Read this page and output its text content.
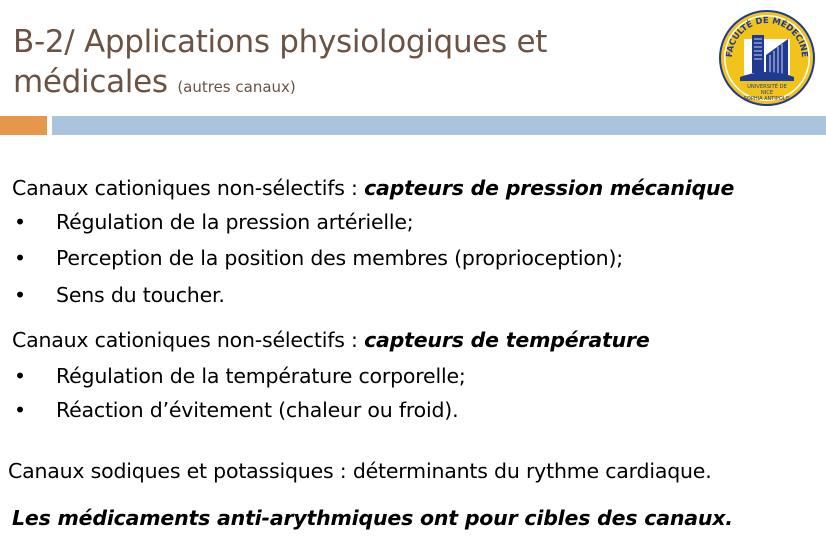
B-2/ Applications physiologiques et
médicales (autres canaux)
FACULTÉ DE MÉDECINE
UNIVERSITÉ DE
NICE
SOPHIA ANTIPOLIS
Canaux cationiques non-sélectifs : capteurs de pression mécanique
• Régulation de la pression artérielle;
• Perception de la position des membres (proprioception);
• Sens du toucher.
Canaux cationiques non-sélectifs : capteurs de température
• Régulation de la température corporelle;
• Réaction d’évitement (chaleur ou froid).
Canaux sodiques et potassiques : déterminants du rythme cardiaque.
Les médicaments anti-arythmiques ont pour cibles des canaux.
